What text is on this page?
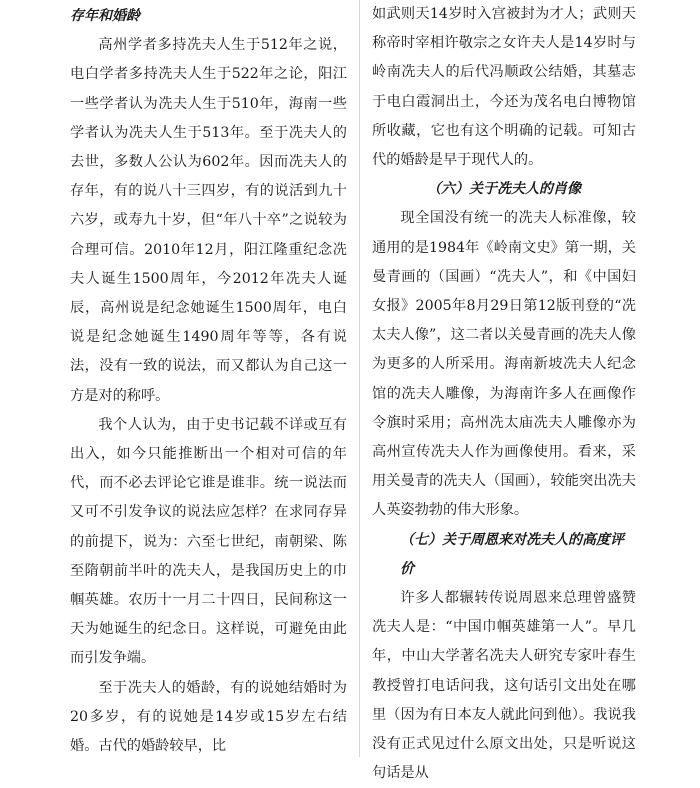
存年和婚龄

高州学者多持冼夫人生于512年之说，电白学者多持冼夫人生于522年之论，阳江一些学者认为冼夫人生于510年，海南一些学者认为冼夫人生于513年。至于冼夫人的去世，多数人公认为602年。因而冼夫人的存年，有的说八十三四岁，有的说活到九十六岁，或寿九十岁，但“年八十卒”之说较为合理可信。2010年12月，阳江隆重纪念冼夫人诞生1500周年，今2012年冼夫人诞辰，高州说是纪念她诞生1500周年，电白说是纪念她诞生1490周年等等，各有说法，没有一致的说法，而又都认为自己这一方是对的称呼。

我个人认为，由于史书记载不详或互有出入，如今只能推断出一个相对可信的年代，而不必去评论它谁是谁非。统一说法而又可不引发争议的说法应怎样？在求同存异的前提下，说为：六至七世纪，南朝梁、陈至隋朝前半叶的冼夫人，是我国历史上的巾帼英雄。农历十一月二十四日，民间称这一天为她诞生的纪念日。这样说，可避免由此而引发争端。

至于冼夫人的婚龄，有的说她结婚时为20多岁，有的说她是14岁或15岁左右结婚。古代的婚龄较早，比

如武则天14岁时入宫被封为才人；武则天称帝时宰相许敬宗之女许夫人是14岁时与岭南冼夫人的后代冯顺政公结婚，其墓志于电白霞洞出土，今还为茂名电白博物馆所收藏，它也有这个明确的记载。可知古代的婚龄是早于现代人的。

（六）关于冼夫人的肖像

现全国没有统一的冼夫人标准像，较通用的是1984年《岭南文史》第一期，关曼青画的（国画）“冼夫人”，和《中国妇女报》2005年8月29日第12版刊登的“冼太夫人像”，这二者以关曼青画的冼夫人像为更多的人所采用。海南新坡冼夫人纪念馆的冼夫人雕像，为海南许多人在画像作令旗时采用；高州冼太庙冼夫人雕像亦为高州宣传冼夫人作为画像使用。看来，采用关曼青的冼夫人（国画），较能突出冼夫人英姿勃勃的伟大形象。

（七）关于周恩来对冼夫人的高度评价

许多人都辗转传说周恩来总理曾盛赞冼夫人是：“中国巾帼英雄第一人”。早几年，中山大学著名冼夫人研究专家叶春生教授曾打电话问我，这句话引文出处在哪里（因为有日本友人就此问到他）。我说我没有正式见过什么原文出处，只是听说这句话是从
